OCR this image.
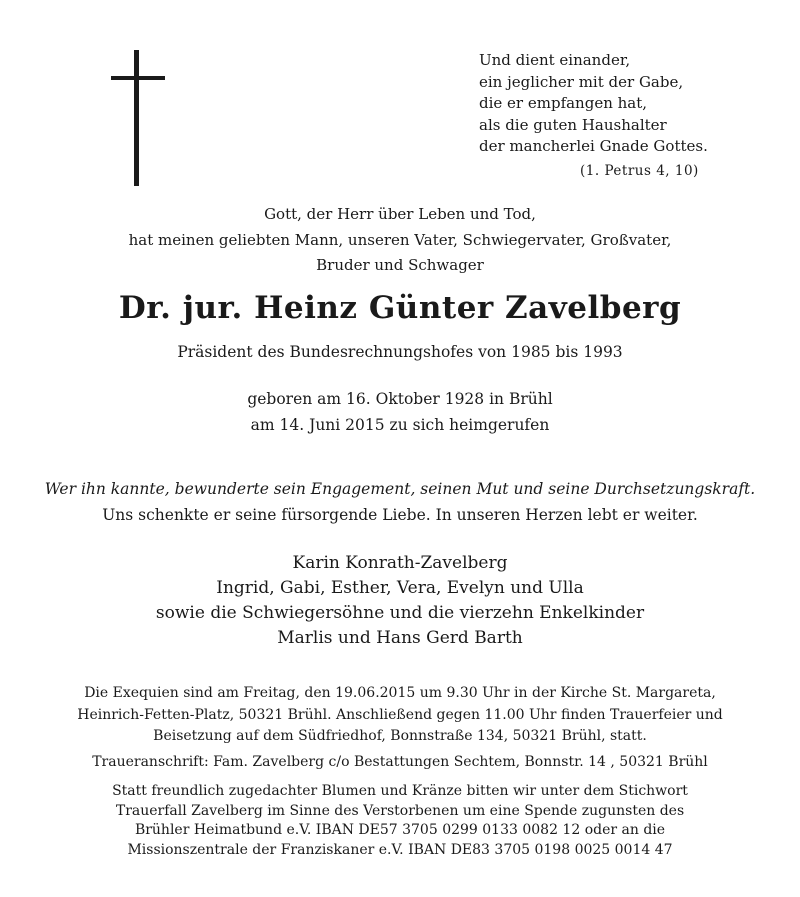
Und dient einander,
ein jeglicher mit der Gabe,
die er empfangen hat,
als die guten Haushalter
der mancherlei Gnade Gottes.
(1. Petrus 4, 10)
Gott, der Herr über Leben und Tod,
hat meinen geliebten Mann, unseren Vater, Schwiegervater, Großvater,
Bruder und Schwager
Dr. jur. Heinz Günter Zavelberg
Präsident des Bundesrechnungshofes von 1985 bis 1993
geboren am 16. Oktober 1928 in Brühl
am 14. Juni 2015 zu sich heimgerufen
Wer ihn kannte, bewunderte sein Engagement, seinen Mut und seine Durchsetzungskraft.
Uns schenkte er seine fürsorgende Liebe. In unseren Herzen lebt er weiter.
Karin Konrath-Zavelberg
Ingrid, Gabi, Esther, Vera, Evelyn und Ulla
sowie die Schwiegersöhne und die vierzehn Enkelkinder
Marlis und Hans Gerd Barth
Die Exequien sind am Freitag, den 19.06.2015 um 9.30 Uhr in der Kirche St. Margareta,
Heinrich-Fetten-Platz, 50321 Brühl. Anschließend gegen 11.00 Uhr finden Trauerfeier und
Beisetzung auf dem Südfriedhof, Bonnstraße 134, 50321 Brühl, statt.
Traueranschrift: Fam. Zavelberg c/o Bestattungen Sechtem, Bonnstr. 14 , 50321 Brühl
Statt freundlich zugedachter Blumen und Kränze bitten wir unter dem Stichwort
Trauerfall Zavelberg im Sinne des Verstorbenen um eine Spende zugunsten des
Brühler Heimatbund e.V. IBAN DE57 3705 0299 0133 0082 12 oder an die
Missionszentrale der Franziskaner e.V. IBAN DE83 3705 0198 0025 0014 47
